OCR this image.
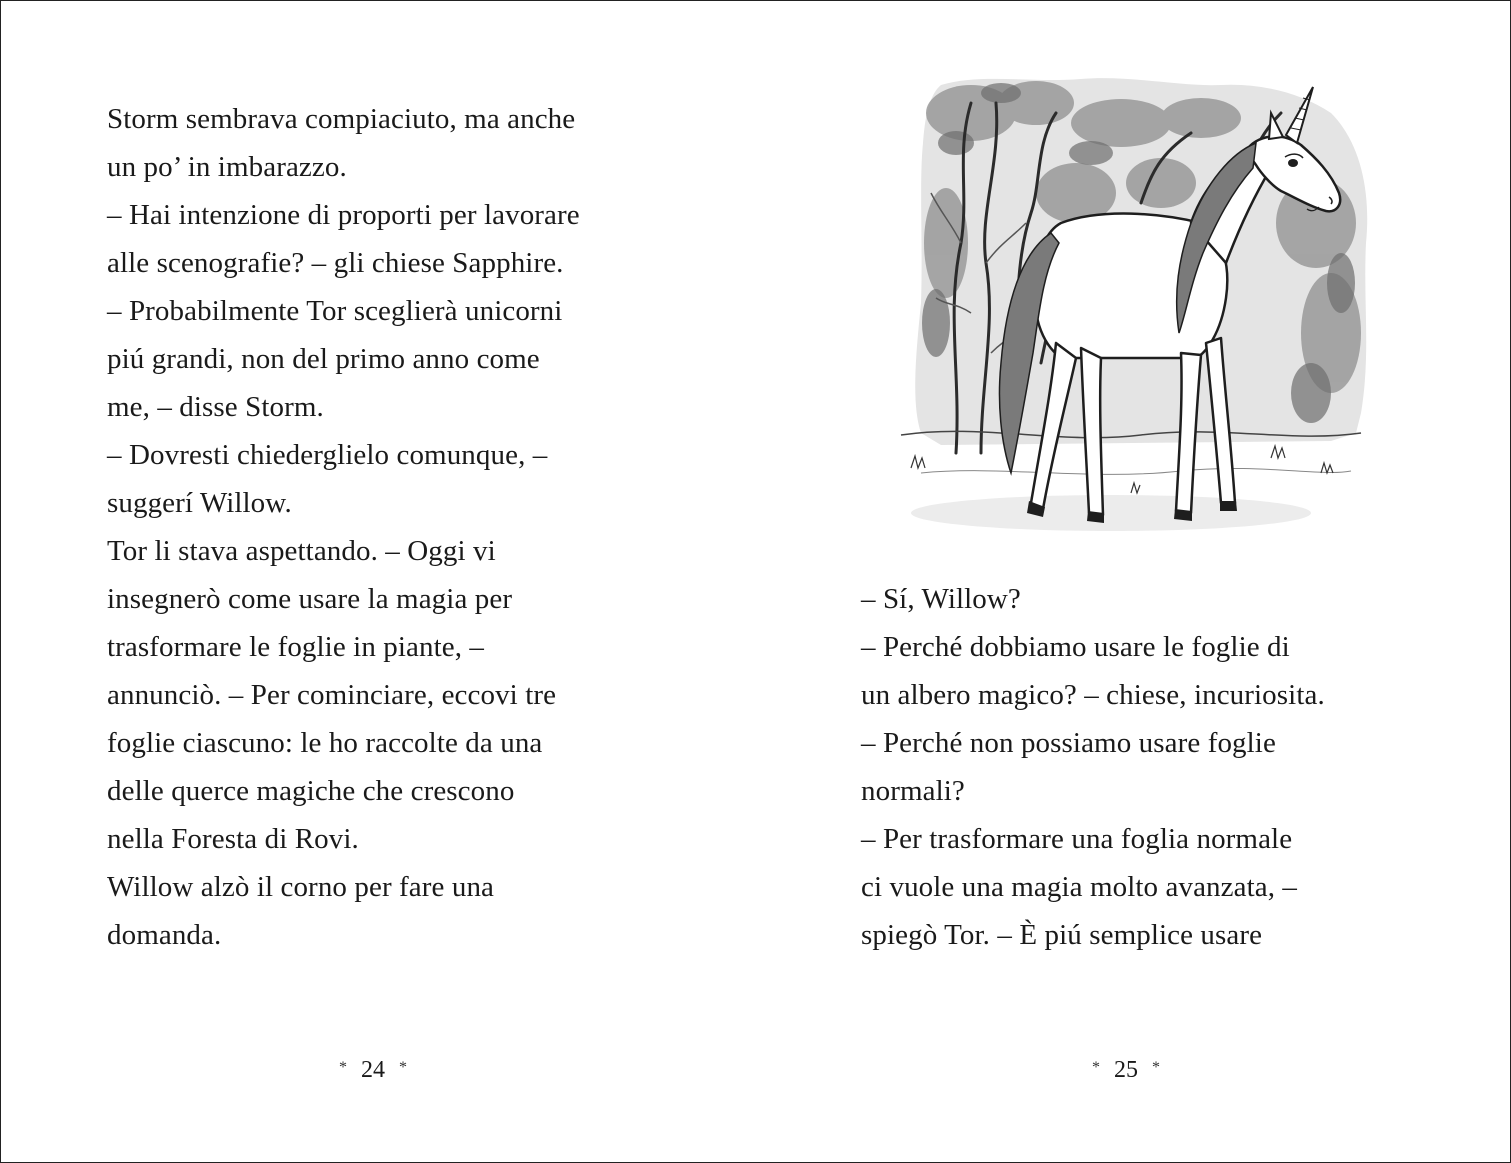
Storm sembrava compiaciuto, ma anche
un po’ in imbarazzo.
– Hai intenzione di proporti per lavorare
alle scenografie? – gli chiese Sapphire.
– Probabilmente Tor sceglierà unicorni
piú grandi, non del primo anno come
me, – disse Storm.
– Dovresti chiederglielo comunque, –
suggerí Willow.
Tor li stava aspettando. – Oggi vi
insegnerò come usare la magia per
trasformare le foglie in piante, –
annunciò. – Per cominciare, eccovi tre
foglie ciascuno: le ho raccolte da una
delle querce magiche che crescono
nella Foresta di Rovi.
Willow alzò il corno per fare una
domanda.
* 24 *
– Sí, Willow?
– Perché dobbiamo usare le foglie di
un albero magico? – chiese, incuriosita.
– Perché non possiamo usare foglie
normali?
– Per trasformare una foglia normale
ci vuole una magia molto avanzata, –
spiegò Tor. – È piú semplice usare
* 25 *
